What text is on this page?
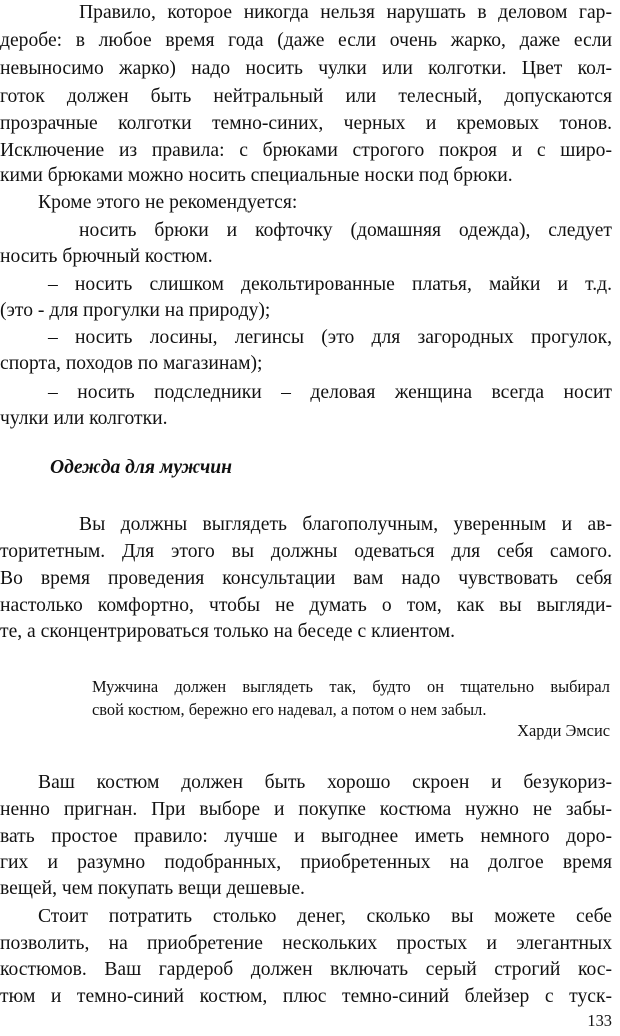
Правило, которое никогда нельзя нарушать в деловом гар-
деробе: в любое время года (даже если очень жарко, даже если
невыносимо жарко) надо носить чулки или колготки. Цвет кол-
готок должен быть нейтральный или телесный, допускаются
прозрачные колготки темно-синих, черных и кремовых тонов.
Исключение из правила: с брюками строгого покроя и с широ-
кими брюками можно носить специальные носки под брюки.
Кроме этого не рекомендуется:
носить брюки и кофточку (домашняя одежда), следует
носить брючный костюм.
– носить слишком декольтированные платья, майки и т.д.
(это - для прогулки на природу);
– носить лосины, легинсы (это для загородных прогулок,
спорта, походов по магазинам);
– носить подследники – деловая женщина всегда носит
чулки или колготки.
Одежда для мужчин
Вы должны выглядеть благополучным, уверенным и ав-
торитетным. Для этого вы должны одеваться для себя самого.
Во время проведения консультации вам надо чувствовать себя
настолько комфортно, чтобы не думать о том, как вы выгляди-
те, а сконцентрироваться только на беседе с клиентом.
Мужчина должен выглядеть так, будто он тщательно выбирал
свой костюм, бережно его надевал, а потом о нем забыл.
Харди Эмсис
Ваш костюм должен быть хорошо скроен и безукориз-
ненно пригнан. При выборе и покупке костюма нужно не забы-
вать простое правило: лучше и выгоднее иметь немного доро-
гих и разумно подобранных, приобретенных на долгое время
вещей, чем покупать вещи дешевые.
Стоит потратить столько денег, сколько вы можете себе
позволить, на приобретение нескольких простых и элегантных
костюмов. Ваш гардероб должен включать серый строгий кос-
тюм и темно-синий костюм, плюс темно-синий блейзер с туск-
133
